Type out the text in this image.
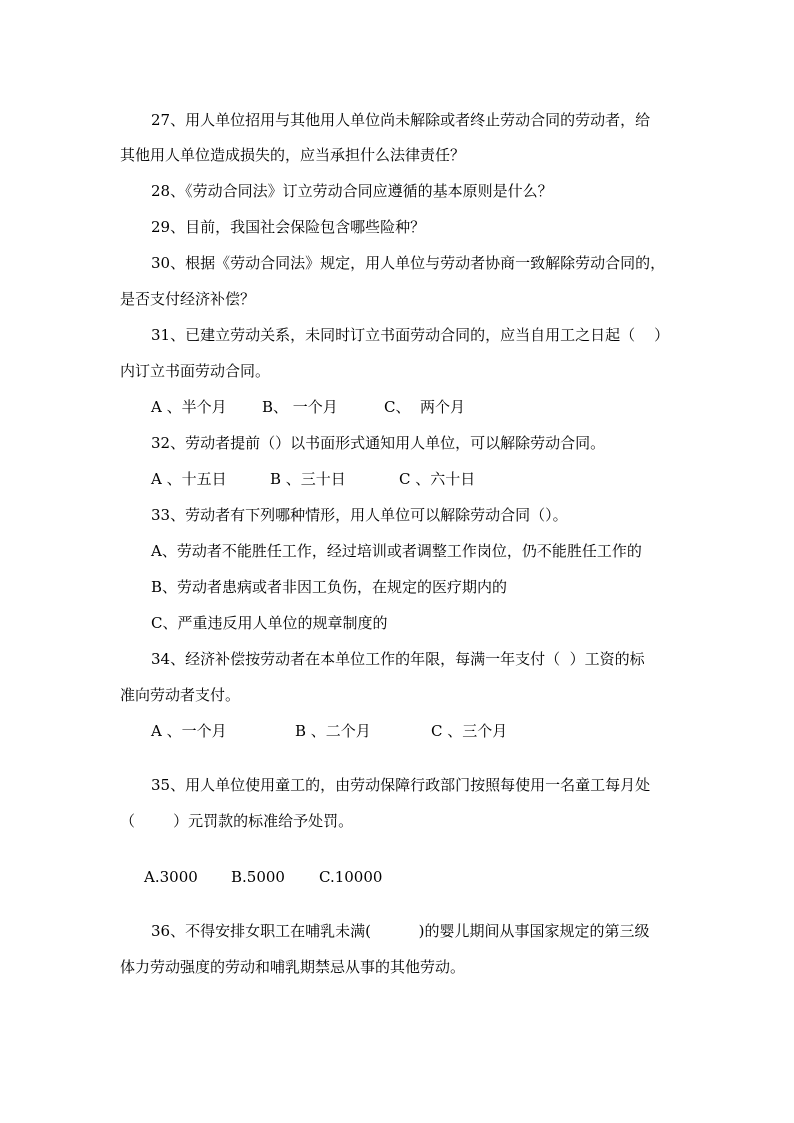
27、用人单位招用与其他用人单位尚未解除或者终止劳动合同的劳动者，给
其他用人单位造成损失的，应当承担什么法律责任？
28、《劳动合同法》订立劳动合同应遵循的基本原则是什么？
29、目前，我国社会保险包含哪些险种？
30、根据《劳动合同法》规定，用人单位与劳动者协商一致解除劳动合同的，
是否支付经济补偿？
31、已建立劳动关系，未同时订立书面劳动合同的，应当自用工之日起（    ）
内订立书面劳动合同。
A 、半个月 B、 一个月	C、  两个月
32、劳动者提前（）以书面形式通知用人单位，可以解除劳动合同。
A 、十五日	B 、三十日	C 、六十日
33、劳动者有下列哪种情形，用人单位可以解除劳动合同（）。
A、劳动者不能胜任工作，经过培训或者调整工作岗位，仍不能胜任工作的
B、劳动者患病或者非因工负伤，在规定的医疗期内的
C、严重违反用人单位的规章制度的
34、经济补偿按劳动者在本单位工作的年限，每满一年支付（  ）工资的标
准向劳动者支付。
A 、一个月	B 、二个月	C 、三个月
35、用人单位使用童工的，由劳动保障行政部门按照每使用一名童工每月处
（        ）元罚款的标准给予处罚。
A.3000 B.5000 C.10000
36、不得安排女职工在哺乳未满(          )的婴儿期间从事国家规定的第三级
体力劳动强度的劳动和哺乳期禁忌从事的其他劳动。
